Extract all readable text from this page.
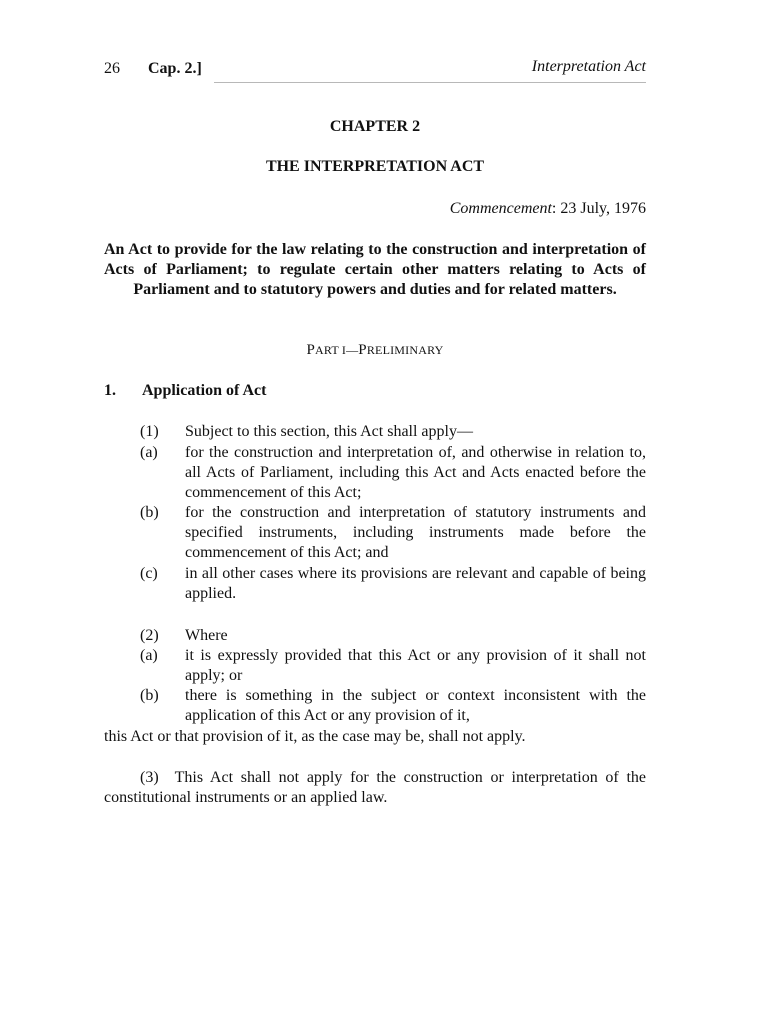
26 Cap. 2.]	Interpretation Act
CHAPTER 2
THE INTERPRETATION ACT
Commencement: 23 July, 1976
An Act to provide for the law relating to the construction and interpretation of Acts of Parliament; to regulate certain other matters relating to Acts of Parliament and to statutory powers and duties and for related matters.
PART I—PRELIMINARY
1. Application of Act
(1)	Subject to this section, this Act shall apply—
(a)	for the construction and interpretation of, and otherwise in relation to, all Acts of Parliament, including this Act and Acts enacted before the commencement of this Act;
(b)	for the construction and interpretation of statutory instruments and specified instruments, including instruments made before the commencement of this Act; and
(c)	in all other cases where its provisions are relevant and capable of being applied.
(2)	Where
(a)	it is expressly provided that this Act or any provision of it shall not apply; or
(b)	there is something in the subject or context inconsistent with the application of this Act or any provision of it,
this Act or that provision of it, as the case may be, shall not apply.
(3) This Act shall not apply for the construction or interpretation of the constitutional instruments or an applied law.
